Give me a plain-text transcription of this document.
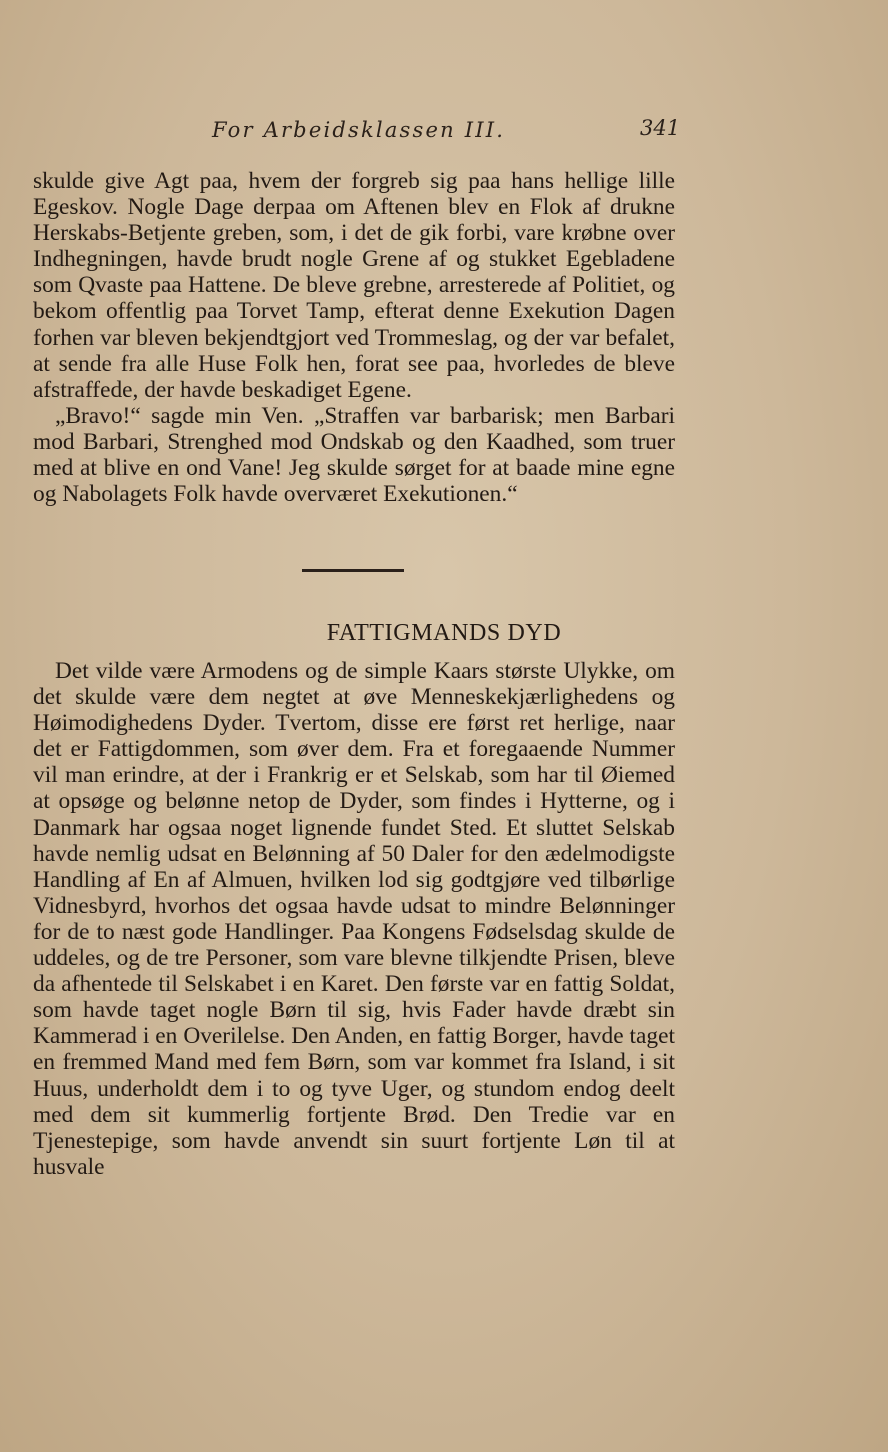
For Arbeidsklassen III.	341

skulde give Agt paa, hvem der forgreb sig paa hans hellige lille Egeskov. Nogle Dage derpaa om Aftenen blev en Flok af drukne Herskabs-Betjente greben, som, i det de gik forbi, vare krøbne over Indhegningen, havde brudt nogle Grene af og stukket Egebladene som Qvaste paa Hattene. De bleve grebne, arresterede af Politiet, og bekom offentlig paa Torvet Tamp, efterat denne Exekution Dagen forhen var bleven bekjendtgjort ved Trommeslag, og der var befalet, at sende fra alle Huse Folk hen, forat see paa, hvorledes de bleve afstraffede, der havde beskadiget Egene.

„Bravo!“ sagde min Ven. „Straffen var barbarisk; men Barbari mod Barbari, Strenghed mod Ondskab og den Kaadhed, som truer med at blive en ond Vane! Jeg skulde sørget for at baade mine egne og Nabolagets Folk havde overværet Exekutionen.“

FATTIGMANDS DYD

Det vilde være Armodens og de simple Kaars største Ulykke, om det skulde være dem negtet at øve Menneskekjærlighedens og Høimodighedens Dyder. Tvertom, disse ere først ret herlige, naar det er Fattigdommen, som øver dem. Fra et foregaaende Nummer vil man erindre, at der i Frankrig er et Selskab, som har til Øiemed at opsøge og belønne netop de Dyder, som findes i Hytterne, og i Danmark har ogsaa noget lignende fundet Sted. Et sluttet Selskab havde nemlig udsat en Belønning af 50 Daler for den ædelmodigste Handling af En af Almuen, hvilken lod sig godtgjøre ved tilbørlige Vidnesbyrd, hvorhos det ogsaa havde udsat to mindre Belønninger for de to næst gode Handlinger. Paa Kongens Fødselsdag skulde de uddeles, og de tre Personer, som vare blevne tilkjendte Prisen, bleve da afhentede til Selskabet i en Karet. Den første var en fattig Soldat, som havde taget nogle Børn til sig, hvis Fader havde dræbt sin Kammerad i en Overilelse. Den Anden, en fattig Borger, havde taget en fremmed Mand med fem Børn, som var kommet fra Island, i sit Huus, underholdt dem i to og tyve Uger, og stundom endog deelt med dem sit kummerlig fortjente Brød. Den Tredie var en Tjenestepige, som havde anvendt sin suurt fortjente Løn til at husvale
